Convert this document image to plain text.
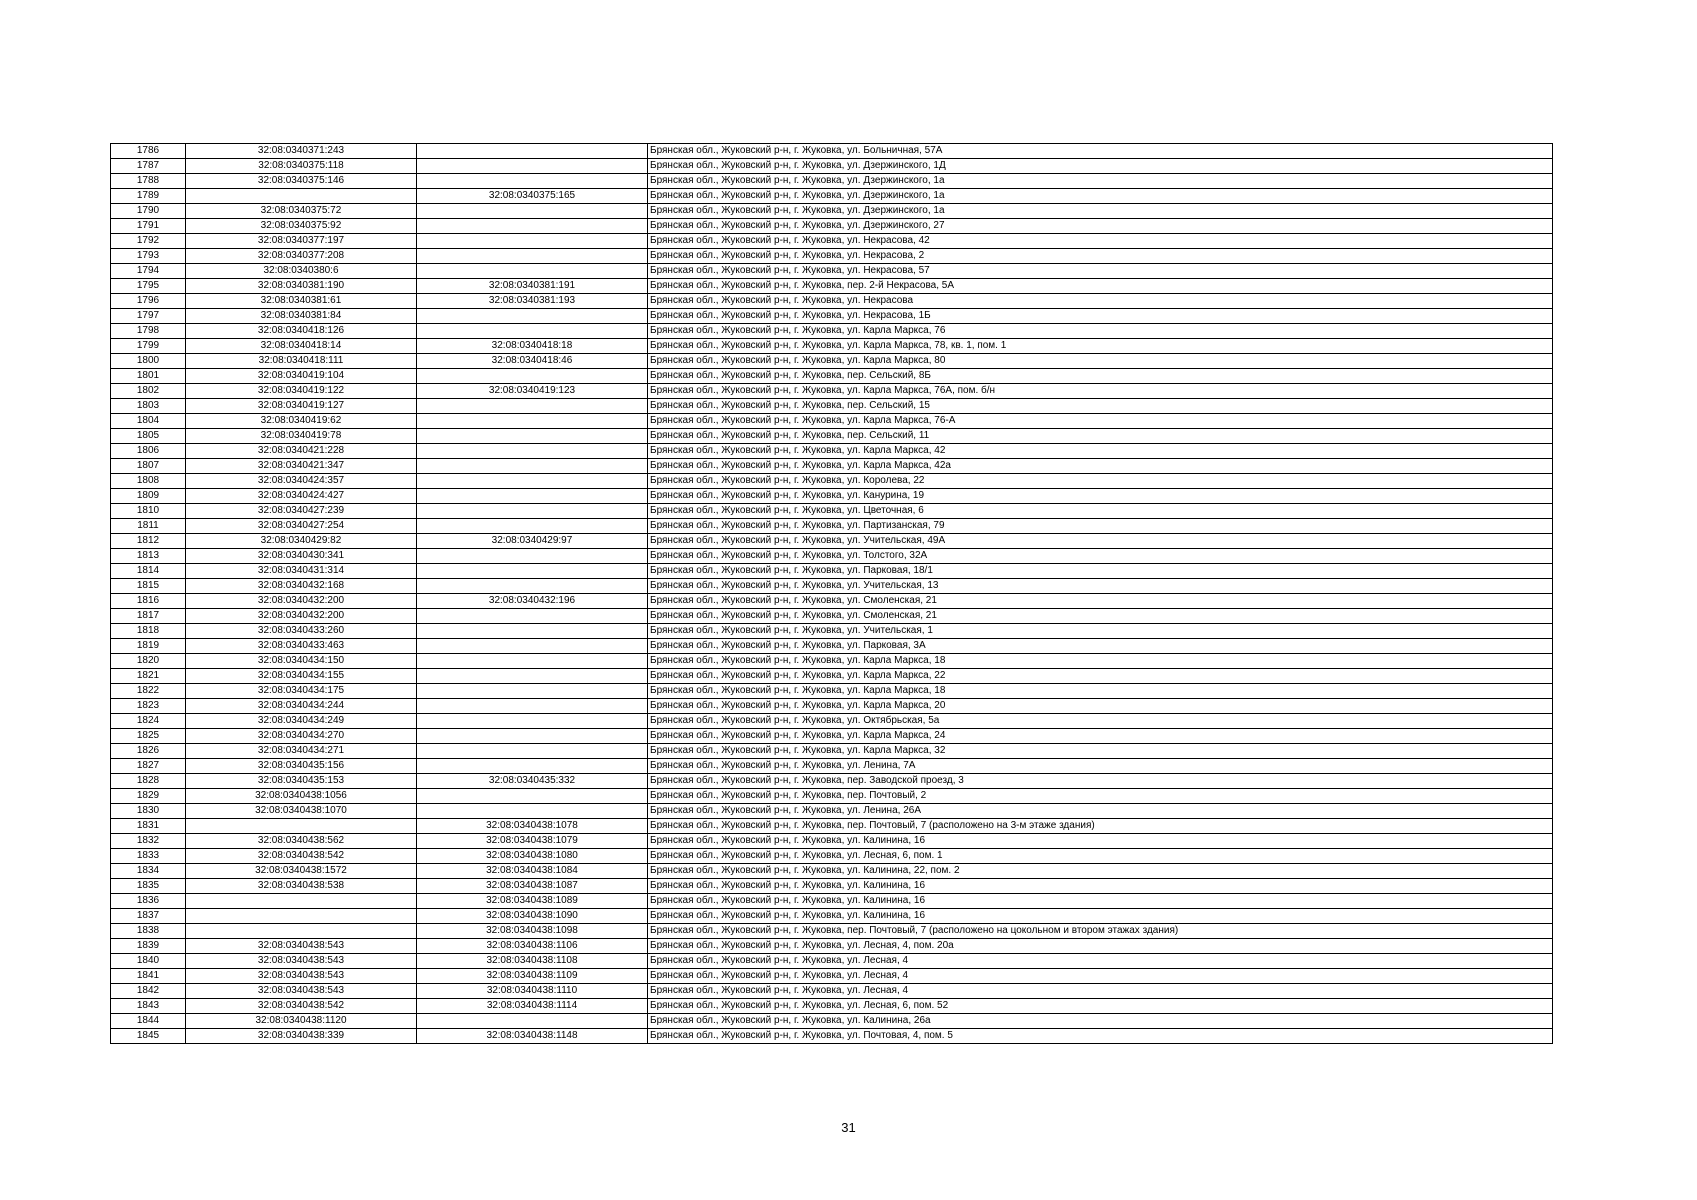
1786	32:08:0340371:243		Брянская обл., Жуковский р-н, г. Жуковка, ул. Больничная, 57А
1787	32:08:0340375:118		Брянская обл., Жуковский р-н, г. Жуковка, ул. Дзержинского, 1Д
1788	32:08:0340375:146		Брянская обл., Жуковский р-н, г. Жуковка, ул. Дзержинского, 1а
1789		32:08:0340375:165	Брянская обл., Жуковский р-н, г. Жуковка, ул. Дзержинского, 1а
1790	32:08:0340375:72		Брянская обл., Жуковский р-н, г. Жуковка, ул. Дзержинского, 1а
1791	32:08:0340375:92		Брянская обл., Жуковский р-н, г. Жуковка, ул. Дзержинского, 27
1792	32:08:0340377:197		Брянская обл., Жуковский р-н, г. Жуковка, ул. Некрасова, 42
1793	32:08:0340377:208		Брянская обл., Жуковский р-н, г. Жуковка, ул. Некрасова, 2
1794	32:08:0340380:6		Брянская обл., Жуковский р-н, г. Жуковка, ул. Некрасова, 57
1795	32:08:0340381:190	32:08:0340381:191	Брянская обл., Жуковский р-н, г. Жуковка, пер. 2-й Некрасова, 5А
1796	32:08:0340381:61	32:08:0340381:193	Брянская обл., Жуковский р-н, г. Жуковка, ул. Некрасова
1797	32:08:0340381:84		Брянская обл., Жуковский р-н, г. Жуковка, ул. Некрасова, 1Б
1798	32:08:0340418:126		Брянская обл., Жуковский р-н, г. Жуковка, ул. Карла Маркса, 76
1799	32:08:0340418:14	32:08:0340418:18	Брянская обл., Жуковский р-н, г. Жуковка, ул. Карла Маркса, 78, кв. 1, пом. 1
1800	32:08:0340418:111	32:08:0340418:46	Брянская обл., Жуковский р-н, г. Жуковка, ул. Карла Маркса, 80
1801	32:08:0340419:104		Брянская обл., Жуковский р-н, г. Жуковка, пер. Сельский, 8Б
1802	32:08:0340419:122	32:08:0340419:123	Брянская обл., Жуковский р-н, г. Жуковка, ул. Карла Маркса, 76А, пом. б/н
1803	32:08:0340419:127		Брянская обл., Жуковский р-н, г. Жуковка, пер. Сельский, 15
1804	32:08:0340419:62		Брянская обл., Жуковский р-н, г. Жуковка, ул. Карла Маркса, 76-А
1805	32:08:0340419:78		Брянская обл., Жуковский р-н, г. Жуковка, пер. Сельский, 11
1806	32:08:0340421:228		Брянская обл., Жуковский р-н, г. Жуковка, ул. Карла Маркса, 42
1807	32:08:0340421:347		Брянская обл., Жуковский р-н, г. Жуковка, ул. Карла Маркса, 42а
1808	32:08:0340424:357		Брянская обл., Жуковский р-н, г. Жуковка, ул. Королева, 22
1809	32:08:0340424:427		Брянская обл., Жуковский р-н, г. Жуковка, ул. Канурина, 19
1810	32:08:0340427:239		Брянская обл., Жуковский р-н, г. Жуковка, ул. Цветочная, 6
1811	32:08:0340427:254		Брянская обл., Жуковский р-н, г. Жуковка, ул. Партизанская, 79
1812	32:08:0340429:82	32:08:0340429:97	Брянская обл., Жуковский р-н, г. Жуковка, ул. Учительская, 49А
1813	32:08:0340430:341		Брянская обл., Жуковский р-н, г. Жуковка, ул. Толстого, 32А
1814	32:08:0340431:314		Брянская обл., Жуковский р-н, г. Жуковка, ул. Парковая, 18/1
1815	32:08:0340432:168		Брянская обл., Жуковский р-н, г. Жуковка, ул. Учительская, 13
1816	32:08:0340432:200	32:08:0340432:196	Брянская обл., Жуковский р-н, г. Жуковка, ул. Смоленская, 21
1817	32:08:0340432:200		Брянская обл., Жуковский р-н, г. Жуковка, ул. Смоленская, 21
1818	32:08:0340433:260		Брянская обл., Жуковский р-н, г. Жуковка, ул. Учительская, 1
1819	32:08:0340433:463		Брянская обл., Жуковский р-н, г. Жуковка, ул. Парковая, 3А
1820	32:08:0340434:150		Брянская обл., Жуковский р-н, г. Жуковка, ул. Карла Маркса, 18
1821	32:08:0340434:155		Брянская обл., Жуковский р-н, г. Жуковка, ул. Карла Маркса, 22
1822	32:08:0340434:175		Брянская обл., Жуковский р-н, г. Жуковка, ул. Карла Маркса, 18
1823	32:08:0340434:244		Брянская обл., Жуковский р-н, г. Жуковка, ул. Карла Маркса, 20
1824	32:08:0340434:249		Брянская обл., Жуковский р-н, г. Жуковка, ул. Октябрьская, 5а
1825	32:08:0340434:270		Брянская обл., Жуковский р-н, г. Жуковка, ул. Карла Маркса, 24
1826	32:08:0340434:271		Брянская обл., Жуковский р-н, г. Жуковка, ул. Карла Маркса, 32
1827	32:08:0340435:156		Брянская обл., Жуковский р-н, г. Жуковка, ул. Ленина, 7А
1828	32:08:0340435:153	32:08:0340435:332	Брянская обл., Жуковский р-н, г. Жуковка, пер. Заводской проезд, 3
1829	32:08:0340438:1056		Брянская обл., Жуковский р-н, г. Жуковка, пер. Почтовый, 2
1830	32:08:0340438:1070		Брянская обл., Жуковский р-н, г. Жуковка, ул. Ленина, 26А
1831		32:08:0340438:1078	Брянская обл., Жуковский р-н, г. Жуковка, пер. Почтовый, 7 (расположено на 3-м этаже здания)
1832	32:08:0340438:562	32:08:0340438:1079	Брянская обл., Жуковский р-н, г. Жуковка, ул. Калинина, 16
1833	32:08:0340438:542	32:08:0340438:1080	Брянская обл., Жуковский р-н, г. Жуковка, ул. Лесная, 6, пом. 1
1834	32:08:0340438:1572	32:08:0340438:1084	Брянская обл., Жуковский р-н, г. Жуковка, ул. Калинина, 22, пом. 2
1835	32:08:0340438:538	32:08:0340438:1087	Брянская обл., Жуковский р-н, г. Жуковка, ул. Калинина, 16
1836		32:08:0340438:1089	Брянская обл., Жуковский р-н, г. Жуковка, ул. Калинина, 16
1837		32:08:0340438:1090	Брянская обл., Жуковский р-н, г. Жуковка, ул. Калинина, 16
1838		32:08:0340438:1098	Брянская обл., Жуковский р-н, г. Жуковка, пер. Почтовый, 7 (расположено на цокольном и втором этажах здания)
1839	32:08:0340438:543	32:08:0340438:1106	Брянская обл., Жуковский р-н, г. Жуковка, ул. Лесная, 4, пом. 20а
1840	32:08:0340438:543	32:08:0340438:1108	Брянская обл., Жуковский р-н, г. Жуковка, ул. Лесная, 4
1841	32:08:0340438:543	32:08:0340438:1109	Брянская обл., Жуковский р-н, г. Жуковка, ул. Лесная, 4
1842	32:08:0340438:543	32:08:0340438:1110	Брянская обл., Жуковский р-н, г. Жуковка, ул. Лесная, 4
1843	32:08:0340438:542	32:08:0340438:1114	Брянская обл., Жуковский р-н, г. Жуковка, ул. Лесная, 6, пом. 52
1844	32:08:0340438:1120		Брянская обл., Жуковский р-н, г. Жуковка, ул. Калинина, 26а
1845	32:08:0340438:339	32:08:0340438:1148	Брянская обл., Жуковский р-н, г. Жуковка, ул. Почтовая, 4, пом. 5
31
